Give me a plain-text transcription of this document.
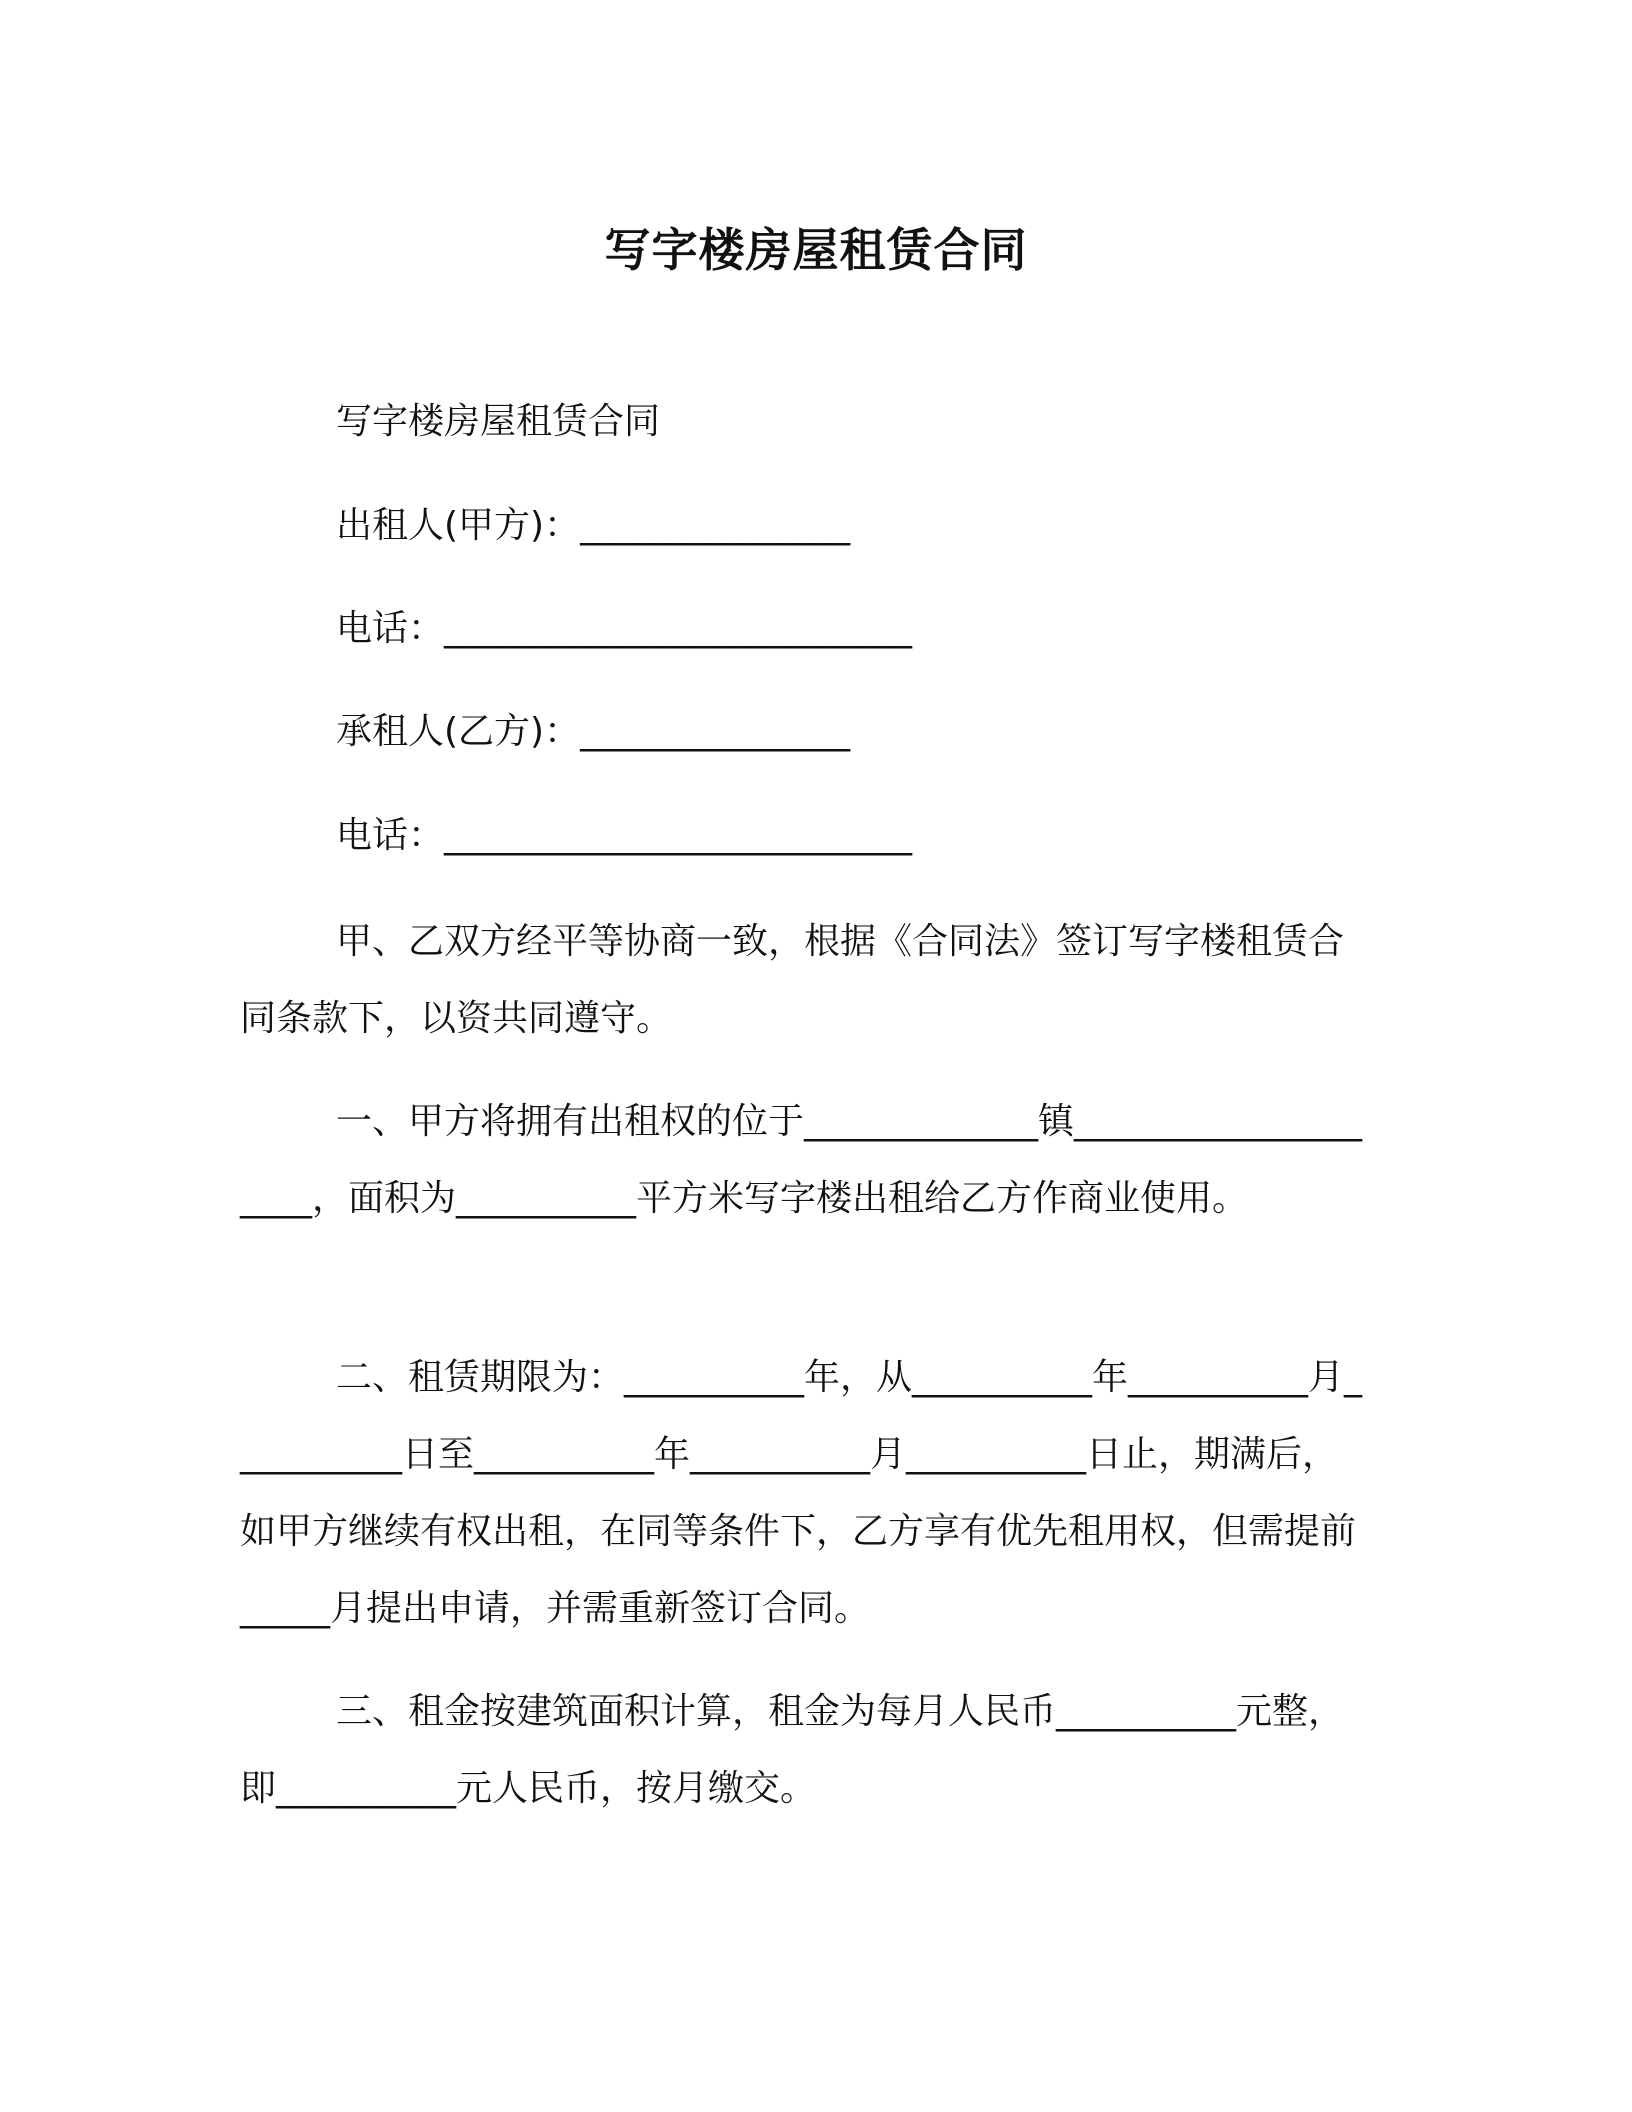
写字楼房屋租赁合同
写字楼房屋租赁合同
出租人(甲方)：_______________
电话：__________________________
承租人(乙方)：_______________
电话：__________________________

甲、乙双方经平等协商一致，根据《合同法》签订写字楼租赁合同条款下，以资共同遵守。

一、甲方将拥有出租权的位于_____________镇____________________，面积为__________平方米写字楼出租给乙方作商业使用。

二、租赁期限为：__________年，从__________年__________月__________日至__________年__________月__________日止，期满后，如甲方继续有权出租，在同等条件下，乙方享有优先租用权，但需提前_____月提出申请，并需重新签订合同。

三、租金按建筑面积计算，租金为每月人民币__________元整，即__________元人民币，按月缴交。
